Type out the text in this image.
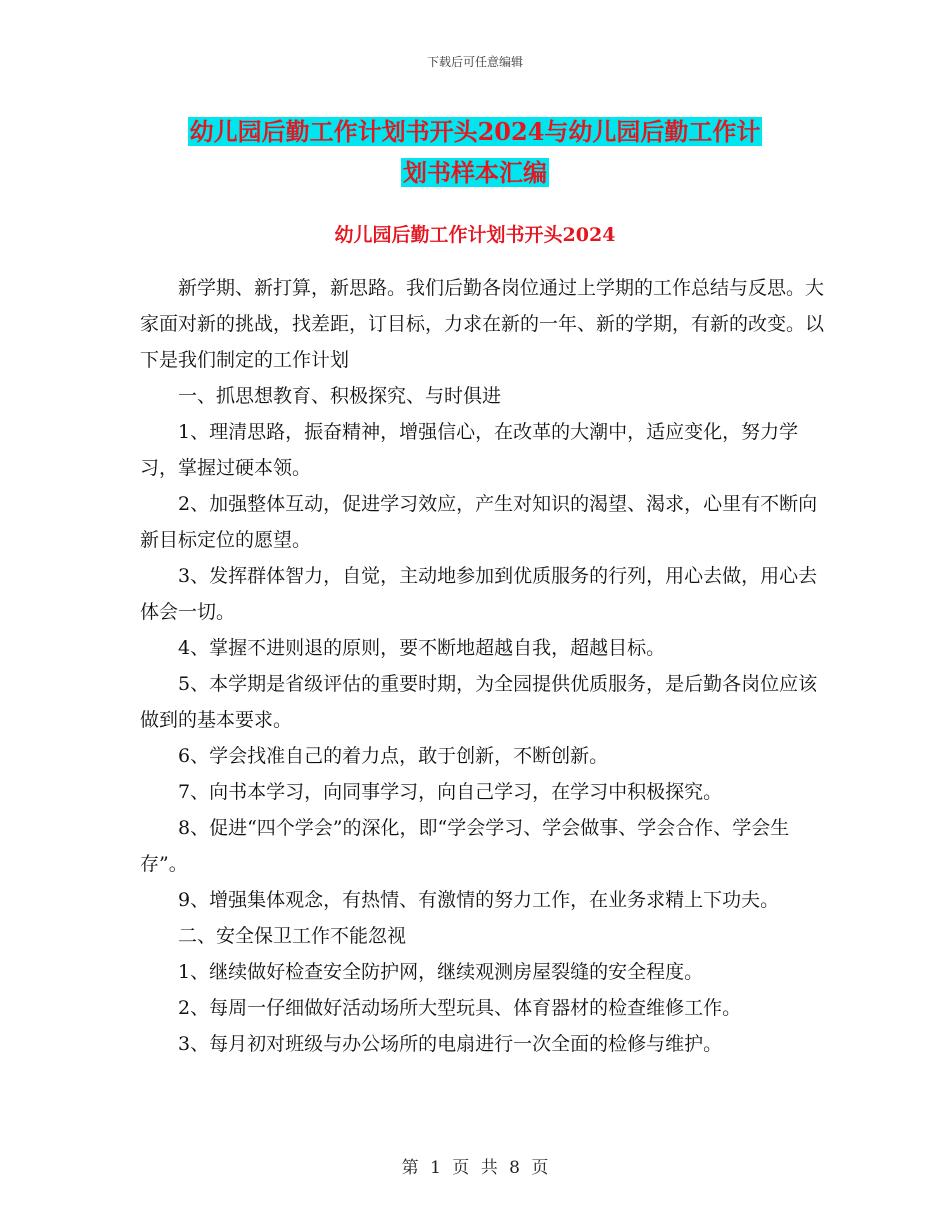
下载后可任意编辑
幼儿园后勤工作计划书开头2024与幼儿园后勤工作计
划书样本汇编
幼儿园后勤工作计划书开头2024

新学期、新打算，新思路。我们后勤各岗位通过上学期的工作总结与反思。大家面对新的挑战，找差距，订目标，力求在新的一年、新的学期，有新的改变。以下是我们制定的工作计划

一、抓思想教育、积极探究、与时俱进

1、理清思路，振奋精神，增强信心，在改革的大潮中，适应变化，努力学习，掌握过硬本领。

2、加强整体互动，促进学习效应，产生对知识的渴望、渴求，心里有不断向新目标定位的愿望。

3、发挥群体智力，自觉，主动地参加到优质服务的行列，用心去做，用心去体会一切。

4、掌握不进则退的原则，要不断地超越自我，超越目标。

5、本学期是省级评估的重要时期，为全园提供优质服务，是后勤各岗位应该做到的基本要求。

6、学会找准自己的着力点，敢于创新，不断创新。

7、向书本学习，向同事学习，向自己学习，在学习中积极探究。

8、促进“四个学会”的深化，即“学会学习、学会做事、学会合作、学会生存”。

9、增强集体观念，有热情、有激情的努力工作，在业务求精上下功夫。

二、安全保卫工作不能忽视

1、继续做好检查安全防护网，继续观测房屋裂缝的安全程度。

2、每周一仔细做好活动场所大型玩具、体育器材的检查维修工作。

3、每月初对班级与办公场所的电扇进行一次全面的检修与维护。

第 1 页 共 8 页
